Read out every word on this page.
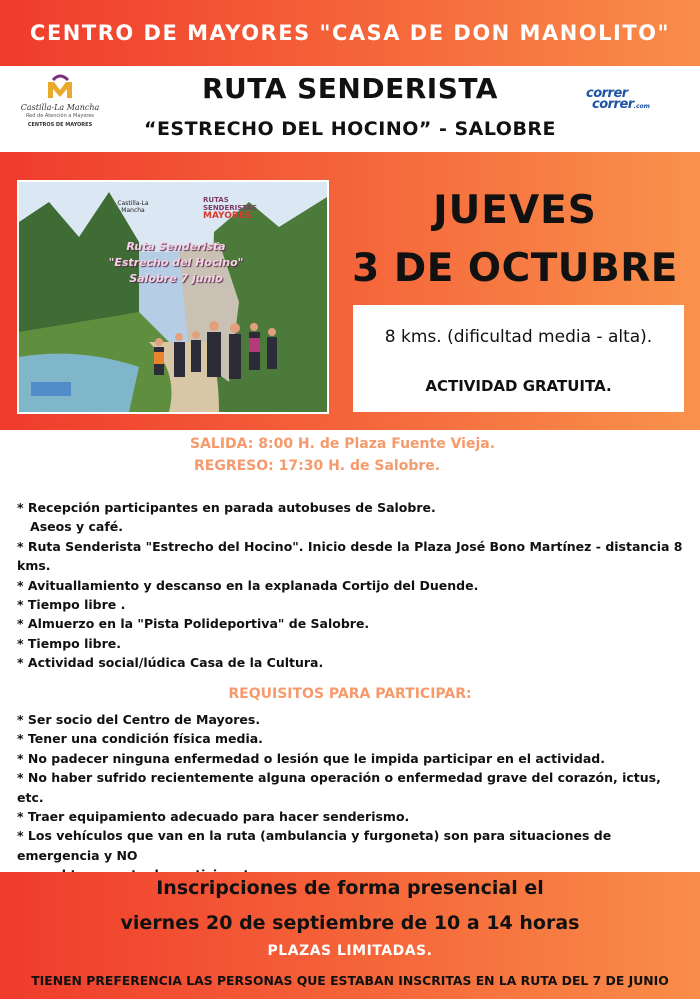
CENTRO DE MAYORES "CASA DE DON MANOLITO"
Castilla-La Mancha
Red de Atención a Mayores
CENTROS DE MAYORES
correr
correr.com
RUTA SENDERISTA
“ESTRECHO DEL HOCINO” - SALOBRE
Castilla-La Mancha
RUTAS
SENDERISTAS
MAYORES
Ruta Senderista
"Estrecho del Hocino"
Salobre 7 junio
JUEVES
3 DE OCTUBRE
8 kms. (dificultad media - alta).
ACTIVIDAD GRATUITA.
SALIDA: 8:00 H. de Plaza Fuente Vieja.
REGRESO: 17:30 H. de Salobre.

* Recepción participantes en parada autobuses de Salobre.

Aseos y café.

* Ruta Senderista "Estrecho del Hocino". Inicio desde la Plaza José Bono Martínez - distancia 8

kms.

* Avituallamiento y descanso en la explanada Cortijo del Duende.

* Tiempo libre .

* Almuerzo en la "Pista Polideportiva" de Salobre.

* Tiempo libre.

* Actividad social/lúdica Casa de la Cultura.

REQUISITOS PARA PARTICIPAR:

* Ser socio del Centro de Mayores.

* Tener una condición física media.

* No padecer ninguna enfermedad o lesión que le impida participar en el actividad.

* No haber sufrido recientemente alguna operación o enfermedad grave del corazón, ictus, etc.

* Traer equipamiento adecuado para hacer senderismo.

* Los vehículos que van en la ruta (ambulancia y furgoneta) son para situaciones de emergencia y NO

Inscripciones de forma presencial el
viernes 20 de septiembre de 10 a 14 horas
PLAZAS LIMITADAS.
TIENEN PREFERENCIA LAS PERSONAS QUE ESTABAN INSCRITAS EN LA RUTA DEL 7 DE JUNIO
